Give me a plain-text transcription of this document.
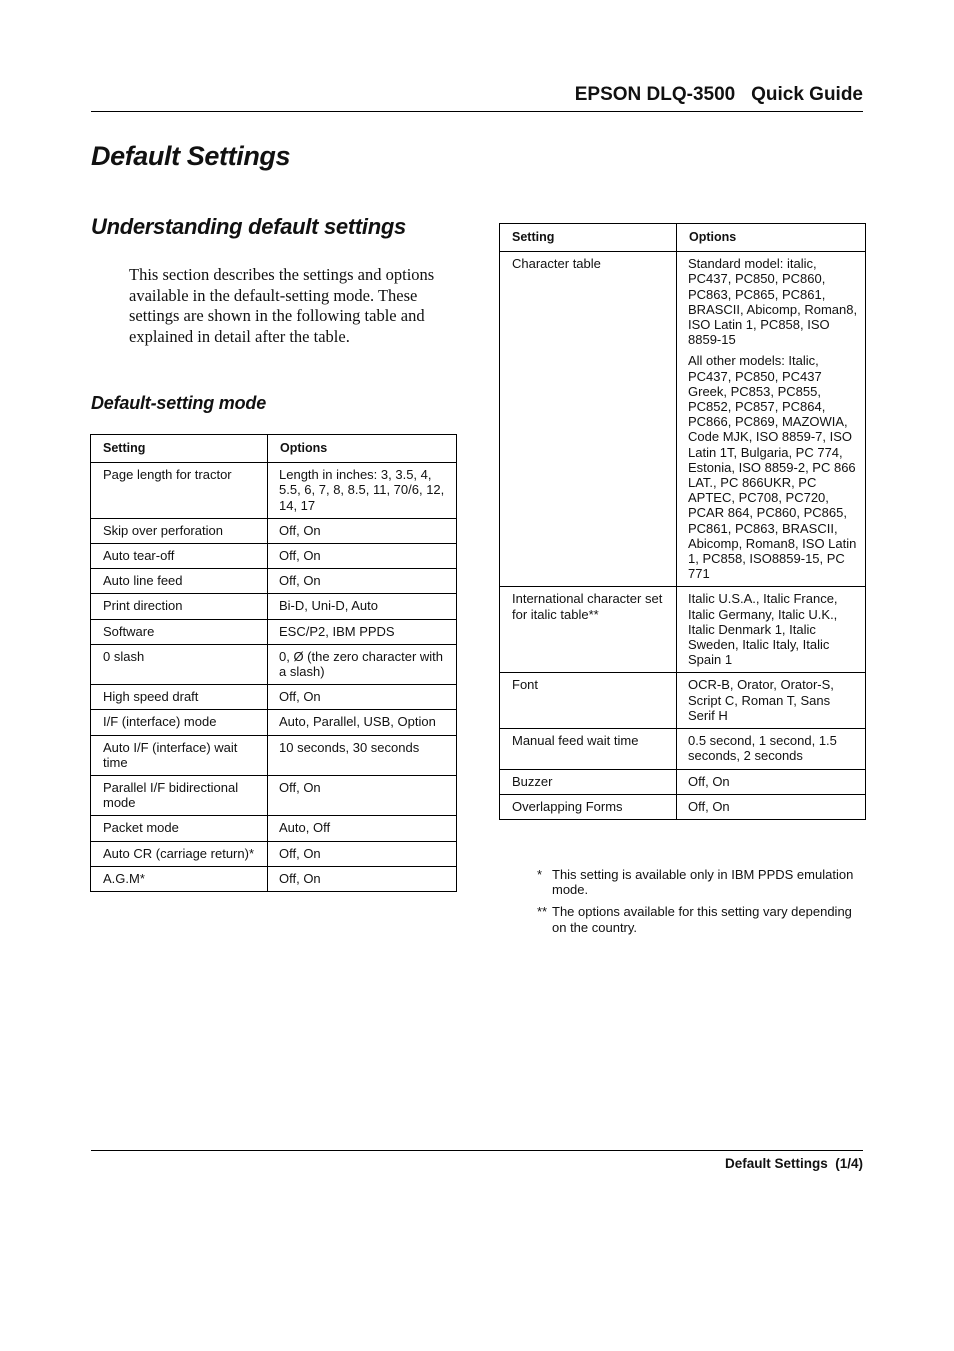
EPSON DLQ-3500   Quick Guide
Default Settings
Understanding default settings

This section describes the settings and options available in the default-setting mode. These settings are shown in the following table and explained in detail after the table.

Default-setting mode
Setting	Options
Page length for tractor	Length in inches: 3, 3.5, 4, 5.5, 6, 7, 8, 8.5, 11, 70/6, 12, 14, 17

Skip over perforation	Off, On

Auto tear-off	Off, On

Auto line feed	Off, On

Print direction	Bi-D, Uni-D, Auto

Software	ESC/P2, IBM PPDS

0 slash	0, Ø (the zero character with a slash)

High speed draft	Off, On

I/F (interface) mode	Auto, Parallel, USB, Option

Auto I/F (interface) wait time	10 seconds, 30 seconds

Parallel I/F bidirectional mode	Off, On

Packet mode	Auto, Off

Auto CR (carriage return)*	Off, On

A.G.M*	Off, On

Setting	Options
Character table	Standard model: italic, PC437, PC850, PC860, PC863, PC865, PC861, BRASCII, Abicomp, Roman8, ISO Latin 1, PC858, ISO 8859-15

All other models: Italic, PC437, PC850, PC437 Greek, PC853, PC855, PC852, PC857, PC864, PC866, PC869, MAZOWIA, Code MJK, ISO 8859-7, ISO Latin 1T, Bulgaria, PC 774, Estonia, ISO 8859-2, PC 866 LAT., PC 866UKR, PC APTEC, PC708, PC720, PCAR 864, PC860, PC865, PC861, PC863, BRASCII, Abicomp, Roman8, ISO Latin 1, PC858, ISO8859-15, PC 771

International character set for italic table**	Italic U.S.A., Italic France, Italic Germany, Italic U.K., Italic Denmark 1, Italic Sweden, Italic Italy, Italic Spain 1

Font	OCR-B, Orator, Orator-S, Script C, Roman T, Sans Serif H

Manual feed wait time	0.5 second, 1 second, 1.5 seconds, 2 seconds

Buzzer	Off, On

Overlapping Forms	Off, On

* This setting is available only in IBM PPDS emulation mode.
** The options available for this setting vary depending on the country.
Default Settings  (1/4)
